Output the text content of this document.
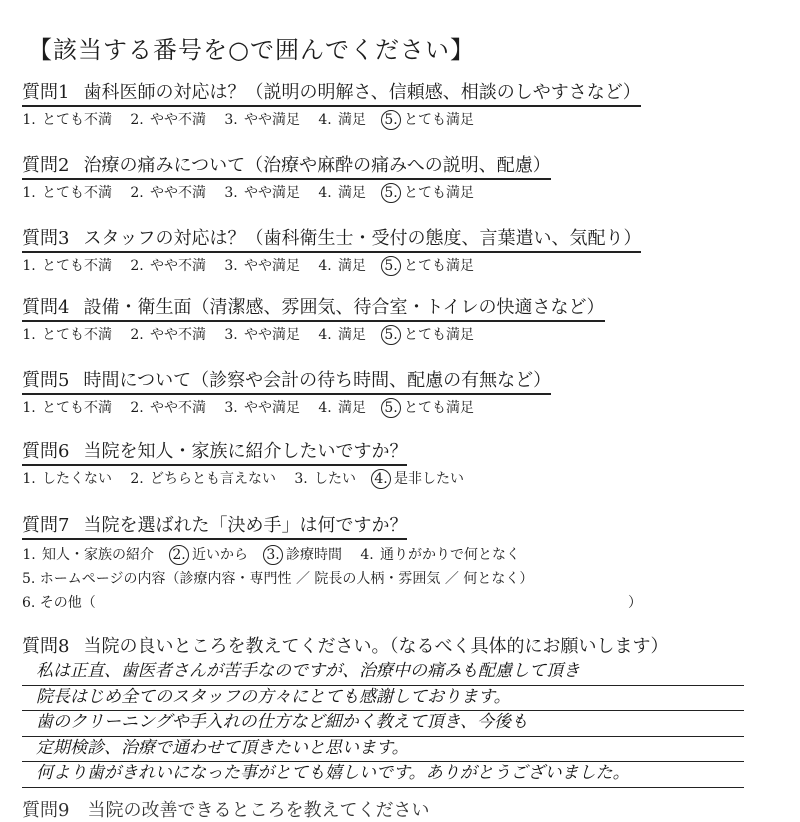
【該当する番号を○で囲んでください】
質問1 歯科医師の対応は？（説明の明解さ、信頼感、相談のしやすさなど）
1. とても不満 2. やや不満 3. やや満足 4. 満足 5. とても満足
質問2 治療の痛みについて（治療や麻酔の痛みへの説明、配慮）
1. とても不満 2. やや不満 3. やや満足 4. 満足 5. とても満足
質問3 スタッフの対応は？（歯科衛生士・受付の態度、言葉遣い、気配り）
1. とても不満 2. やや不満 3. やや満足 4. 満足 5. とても満足
質問4 設備・衛生面（清潔感、雰囲気、待合室・トイレの快適さなど）
1. とても不満 2. やや不満 3. やや満足 4. 満足 5. とても満足
質問5 時間について（診察や会計の待ち時間、配慮の有無など）
1. とても不満 2. やや不満 3. やや満足 4. 満足 5. とても満足
質問6 当院を知人・家族に紹介したいですか？
1. したくない 2. どちらとも言えない 3. したい 4. 是非したい
質問7 当院を選ばれた「決め手」は何ですか？
1. 知人・家族の紹介 2. 近いから 3. 診療時間 4. 通りがかりで何となく
5. ホームページの内容（診療内容・専門性 ／ 院長の人柄・雰囲気 ／ 何となく）
6. その他（	）
質問8 当院の良いところを教えてください。（なるべく具体的にお願いします）
私は正直、歯医者さんが苦手なのですが、治療中の痛みも配慮して頂き
院長はじめ全てのスタッフの方々にとても感謝しております。
歯のクリーニングや手入れの仕方など細かく教えて頂き、今後も
定期検診、治療で通わせて頂きたいと思います。
何より歯がきれいになった事がとても嬉しいです。ありがとうございました。
質問9　当院の改善できるところを教えてください
